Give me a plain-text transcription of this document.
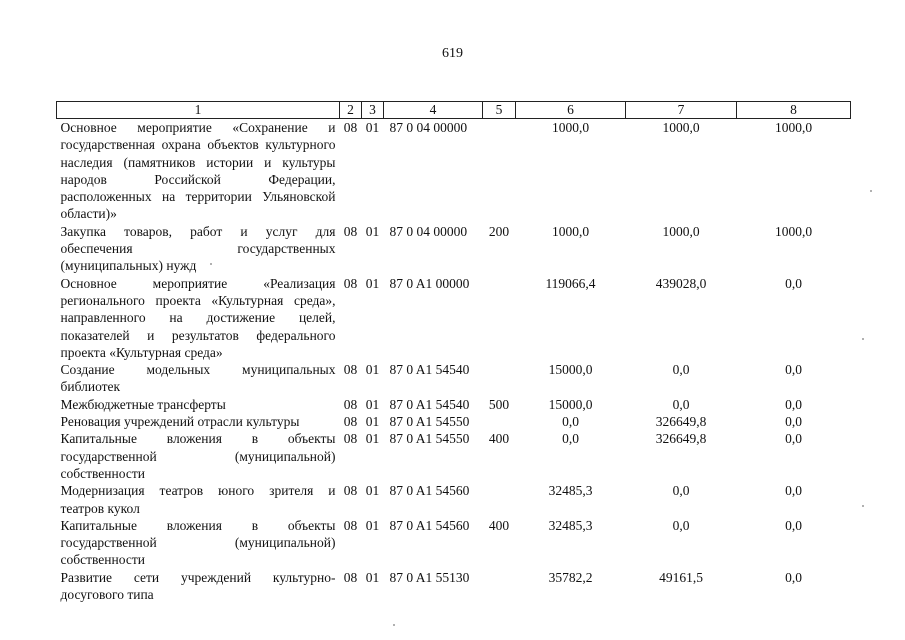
619
1	2	3	4	5	6	7	8
Основное мероприятие «Сохранение и государственная охрана объектов культурного наследия (памятников истории и культуры народов Российской Федерации, расположенных на территории Ульяновской области)»	08	01	87 0 04 00000		1000,0	1000,0	1000,0
Закупка товаров, работ и услуг для обеспечения государственных (муниципальных) нужд	08	01	87 0 04 00000	200	1000,0	1000,0	1000,0
Основное мероприятие «Реализация регионального проекта «Культурная среда», направленного на достижение целей, показателей и результатов федерального проекта «Культурная среда»	08	01	87 0 A1 00000		119066,4	439028,0	0,0
Создание модельных муниципальных библиотек	08	01	87 0 A1 54540		15000,0	0,0	0,0
Межбюджетные трансферты	08	01	87 0 A1 54540	500	15000,0	0,0	0,0
Реновация учреждений отрасли культуры	08	01	87 0 A1 54550		0,0	326649,8	0,0
Капитальные вложения в объекты государственной (муниципальной) собственности	08	01	87 0 A1 54550	400	0,0	326649,8	0,0
Модернизация театров юного зрителя и театров кукол	08	01	87 0 A1 54560		32485,3	0,0	0,0
Капитальные вложения в объекты государственной (муниципальной) собственности	08	01	87 0 A1 54560	400	32485,3	0,0	0,0
Развитие сети учреждений культурно-досугового типа	08	01	87 0 A1 55130		35782,2	49161,5	0,0
